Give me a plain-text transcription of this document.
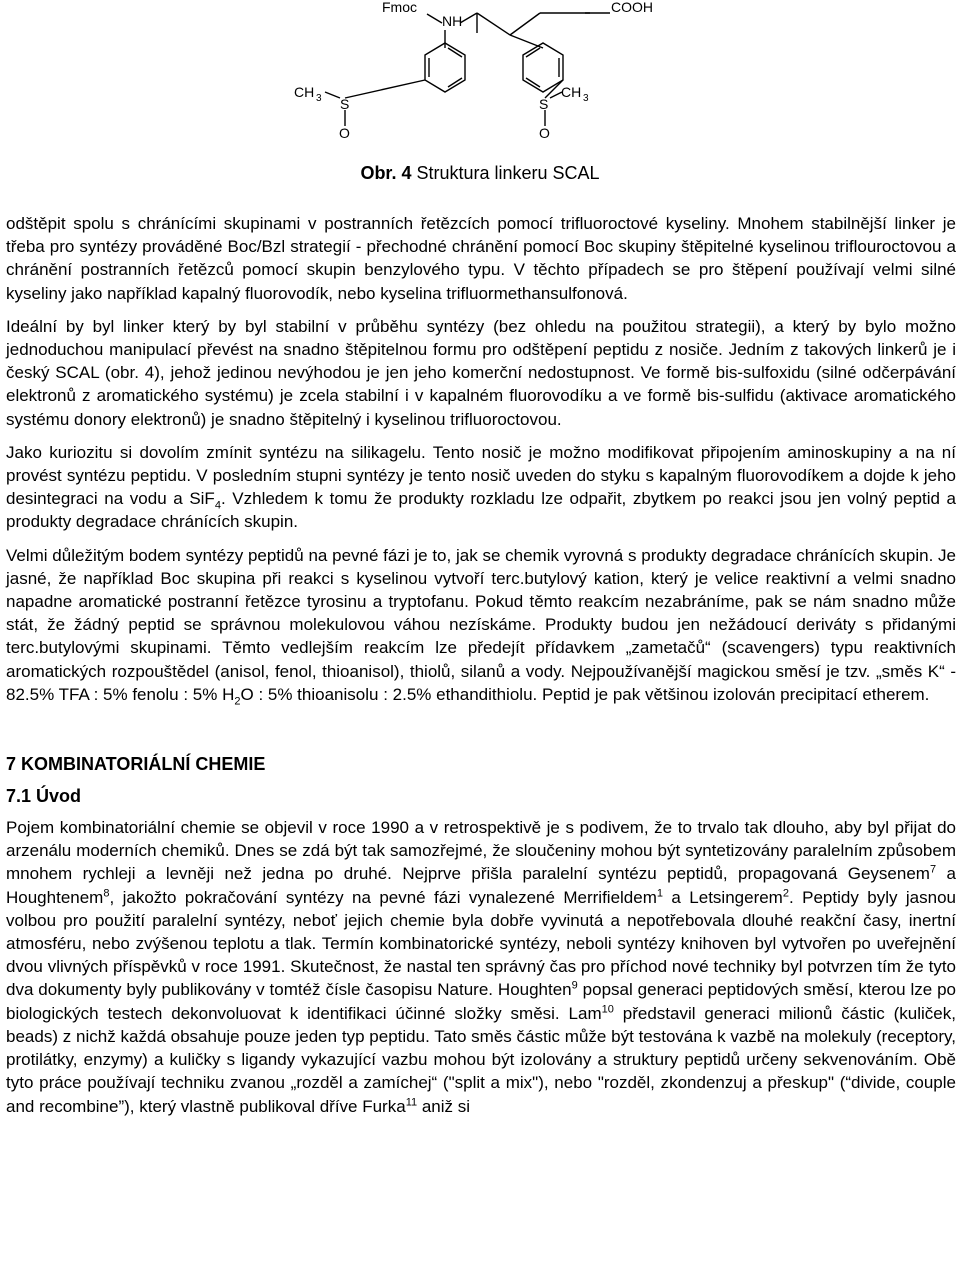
Fmoc
NH
COOH
CH 3	CH 3
S	S
O	O
Obr. 4 Struktura linkeru SCAL

odštěpit spolu s chránícími skupinami v postranních řetězcích pomocí trifluoroctové kyseliny. Mnohem stabilnější linker je třeba pro syntézy prováděné Boc/Bzl strategií - přechodné chránění pomocí Boc skupiny štěpitelné kyselinou triflouroctovou a chránění postranních řetězců pomocí skupin benzylového typu. V těchto případech se pro štěpení používají velmi silné kyseliny jako například kapalný fluorovodík, nebo kyselina trifluormethansulfonová.

Ideální by byl linker který by byl stabilní v průběhu syntézy (bez ohledu na použitou strategii), a který by bylo možno jednoduchou manipulací převést na snadno štěpitelnou formu pro odštěpení peptidu z nosiče. Jedním z takových linkerů je i český SCAL (obr. 4), jehož jedinou nevýhodou je jen jeho komerční nedostupnost. Ve formě bis-sulfoxidu (silné odčerpávání elektronů z aromatického systému) je zcela stabilní i v kapalném fluorovodíku a ve formě bis-sulfidu (aktivace aromatického systému donory elektronů) je snadno štěpitelný i kyselinou trifluoroctovou.

Jako kuriozitu si dovolím zmínit syntézu na silikagelu. Tento nosič je možno modifikovat připojením aminoskupiny a na ní provést syntézu peptidu. V posledním stupni syntézy je tento nosič uveden do styku s kapalným fluorovodíkem a dojde k jeho desintegraci na vodu a SiF$_4$. Vzhledem k tomu že produkty rozkladu lze odpařit, zbytkem po reakci jsou jen volný peptid a produkty degradace chránících skupin.

Velmi důležitým bodem syntézy peptidů na pevné fázi je to, jak se chemik vyrovná s produkty degradace chránících skupin. Je jasné, že například Boc skupina při reakci s kyselinou vytvoří terc.butylový kation, který je velice reaktivní a velmi snadno napadne aromatické postranní řetězce tyrosinu a tryptofanu. Pokud těmto reakcím nezabráníme, pak se nám snadno může stát, že žádný peptid se správnou molekulovou váhou nezískáme. Produkty budou jen nežádoucí deriváty s přidanými terc.butylovými skupinami. Těmto vedlejším reakcím lze předejít přídavkem „zametačů“ (scavengers) typu reaktivních aromatických rozpouštědel (anisol, fenol, thioanisol), thiolů, silanů a vody. Nejpoužívanější magickou směsí je tzv. „směs K“ - 82.5% TFA : 5% fenolu : 5% $H_2O$ : 5% thioanisolu : 2.5% ethandithiolu. Peptid je pak většinou izolován precipitací etherem.

7 KOMBINATORIÁLNÍ CHEMIE
7.1 Úvod

Pojem kombinatoriální chemie se objevil v roce 1990 a v retrospektivě je s podivem, že to trvalo tak dlouho, aby byl přijat do arzenálu moderních chemiků. Dnes se zdá být tak samozřejmé, že sloučeniny mohou být syntetizovány paralelním způsobem mnohem rychleji a levněji než jedna po druhé. Nejprve přišla paralelní syntézu peptidů, propagovaná Geysenem$^7$ a Houghtenem$^8$, jakožto pokračování syntézy na pevné fázi vynalezené Merrifieldem$^1$ a Letsingerem$^2$. Peptidy byly jasnou volbou pro použití paralelní syntézy, neboť jejich chemie byla dobře vyvinutá a nepotřebovala dlouhé reakční časy, inertní atmosféru, nebo zvýšenou teplotu a tlak. Termín kombinatorické syntézy, neboli syntézy knihoven byl vytvořen po uveřejnění dvou vlivných příspěvků v roce 1991. Skutečnost, že nastal ten správný čas pro příchod nové techniky byl potvrzen tím že tyto dva dokumenty byly publikovány v tomtéž čísle časopisu Nature. Houghten$^9$ popsal generaci peptidových směsí, kterou lze po biologických testech dekonvoluovat k identifikaci účinné složky směsi. Lam$^{10}$ představil generaci milionů částic (kuliček, beads) z nichž každá obsahuje pouze jeden typ peptidu. Tato směs částic může být testována k vazbě na molekuly (receptory, protilátky, enzymy) a kuličky s ligandy vykazující vazbu mohou být izolovány a struktury peptidů určeny sekvenováním. Obě tyto práce používají techniku zvanou „rozděl a zamíchej“ ("split a mix"), nebo "rozděl, zkondenzuj a přeskup" (“divide, couple and recombine”), který vlastně publikoval dříve Furka$^{11}$ aniž si
